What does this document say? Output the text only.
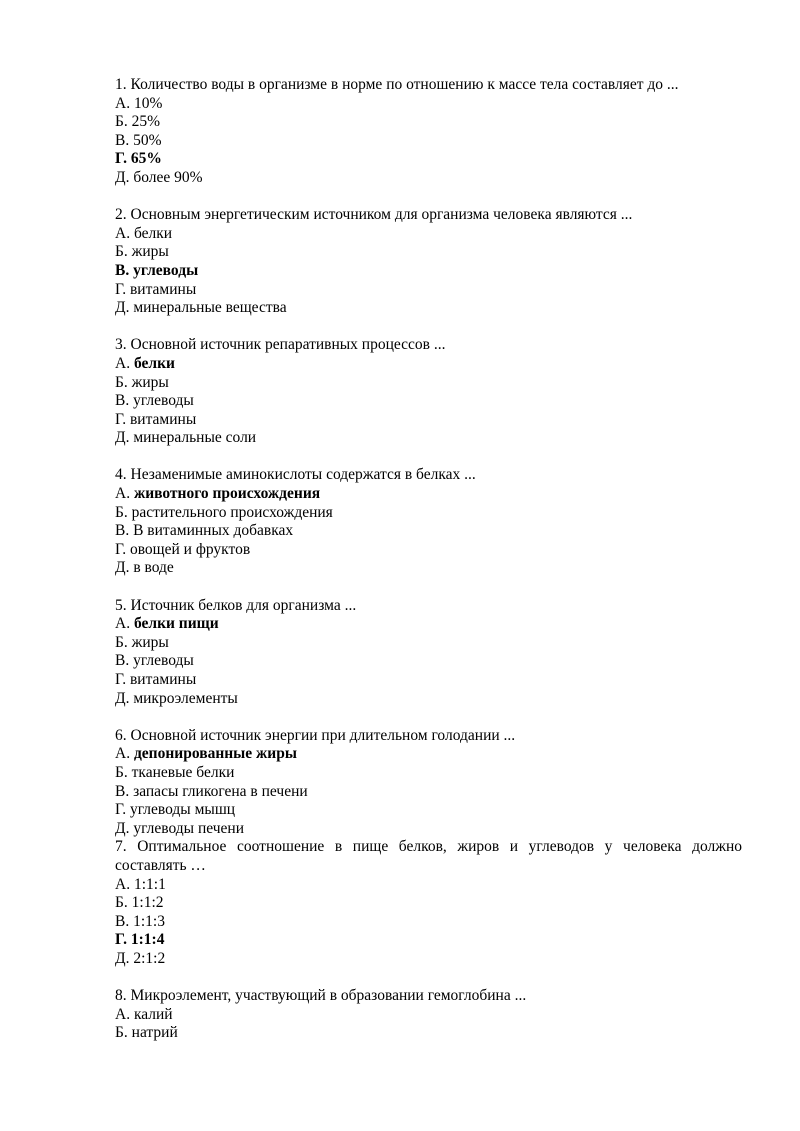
1. Количество воды в организме в норме по отношению к массе тела составляет до ...
А. 10%
Б. 25%
В. 50%
Г. 65%
Д. более 90%
2. Основным энергетическим источником для организма человека являются ...
А. белки
Б. жиры
В. углеводы
Г. витамины
Д. минеральные вещества
3. Основной источник репаративных процессов ...
А. белки
Б. жиры
В. углеводы
Г. витамины
Д. минеральные соли
4. Незаменимые аминокислоты содержатся в белках ...
А. животного происхождения
Б. растительного происхождения
В. В витаминных добавках
Г. овощей и фруктов
Д. в воде
5. Источник белков для организма ...
А. белки пищи
Б. жиры
В. углеводы
Г. витамины
Д. микроэлементы
6. Основной источник энергии при длительном голодании ...
А. депонированные жиры
Б. тканевые белки
В. запасы гликогена в печени
Г. углеводы мышц
Д. углеводы печени
7. Оптимальное соотношение в пище белков, жиров и углеводов у человека должно составлять …
А. 1:1:1
Б. 1:1:2
В. 1:1:3
Г. 1:1:4
Д. 2:1:2
8. Микроэлемент, участвующий в образовании гемоглобина ...
А. калий
Б. натрий
